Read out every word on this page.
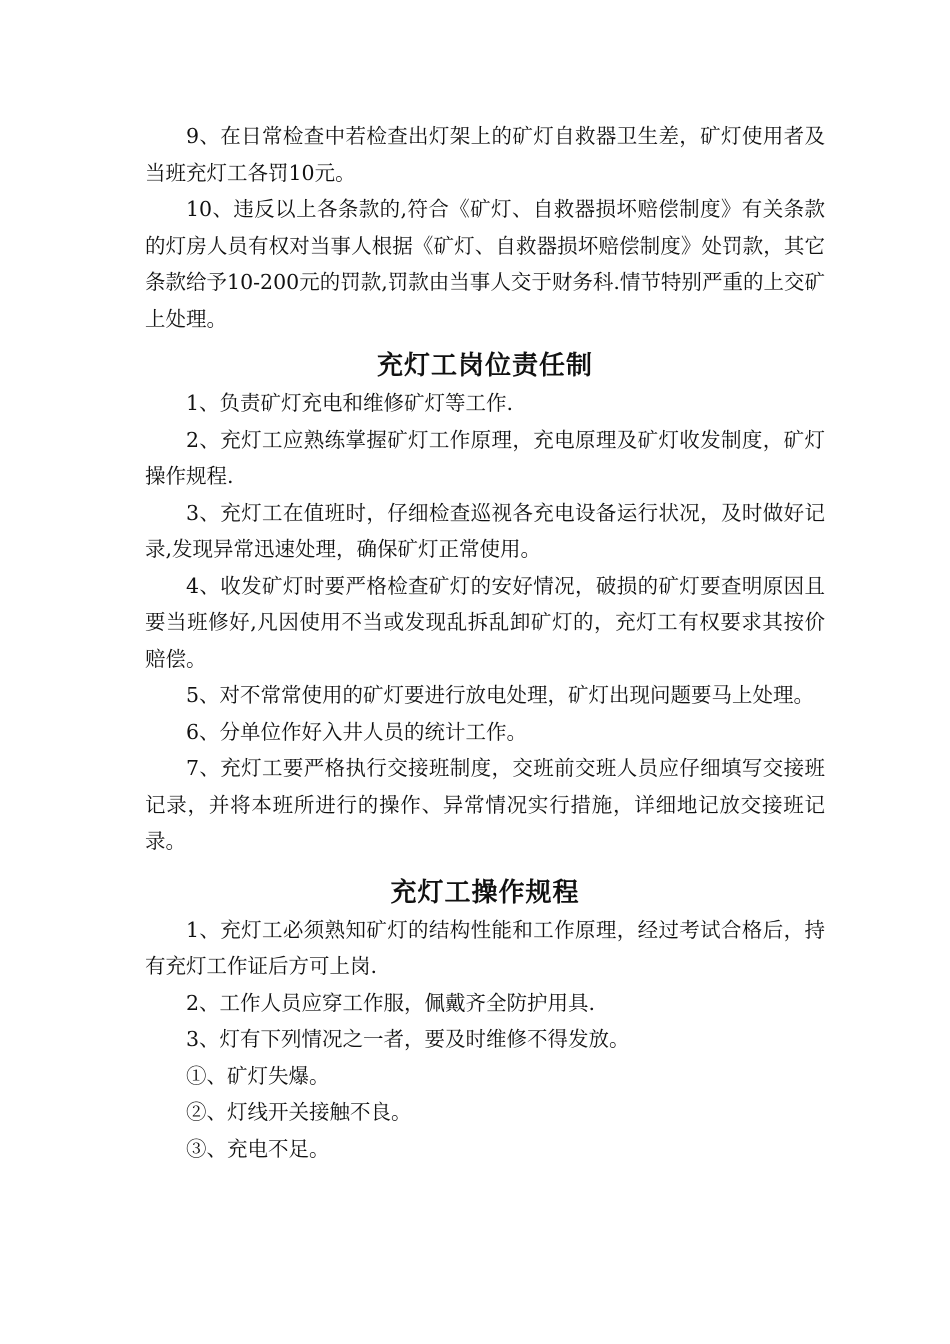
9、在日常检查中若检查出灯架上的矿灯自救器卫生差，矿灯使用者及当班充灯工各罚10元。

10、违反以上各条款的,符合《矿灯、自救器损坏赔偿制度》有关条款的灯房人员有权对当事人根据《矿灯、自救器损坏赔偿制度》处罚款，其它条款给予10-200元的罚款,罚款由当事人交于财务科.情节特别严重的上交矿上处理。

充灯工岗位责任制

1、负责矿灯充电和维修矿灯等工作.

2、充灯工应熟练掌握矿灯工作原理，充电原理及矿灯收发制度，矿灯操作规程.

3、充灯工在值班时，仔细检查巡视各充电设备运行状况，及时做好记录,发现异常迅速处理，确保矿灯正常使用。

4、收发矿灯时要严格检查矿灯的安好情况，破损的矿灯要查明原因且要当班修好,凡因使用不当或发现乱拆乱卸矿灯的，充灯工有权要求其按价赔偿。

5、对不常常使用的矿灯要进行放电处理，矿灯出现问题要马上处理。

6、分单位作好入井人员的统计工作。

7、充灯工要严格执行交接班制度，交班前交班人员应仔细填写交接班记录，并将本班所进行的操作、异常情况实行措施，详细地记放交接班记录。

充灯工操作规程

1、充灯工必须熟知矿灯的结构性能和工作原理，经过考试合格后，持有充灯工作证后方可上岗.

2、工作人员应穿工作服，佩戴齐全防护用具.

3、灯有下列情况之一者，要及时维修不得发放。

①、矿灯失爆。

②、灯线开关接触不良。

③、充电不足。
